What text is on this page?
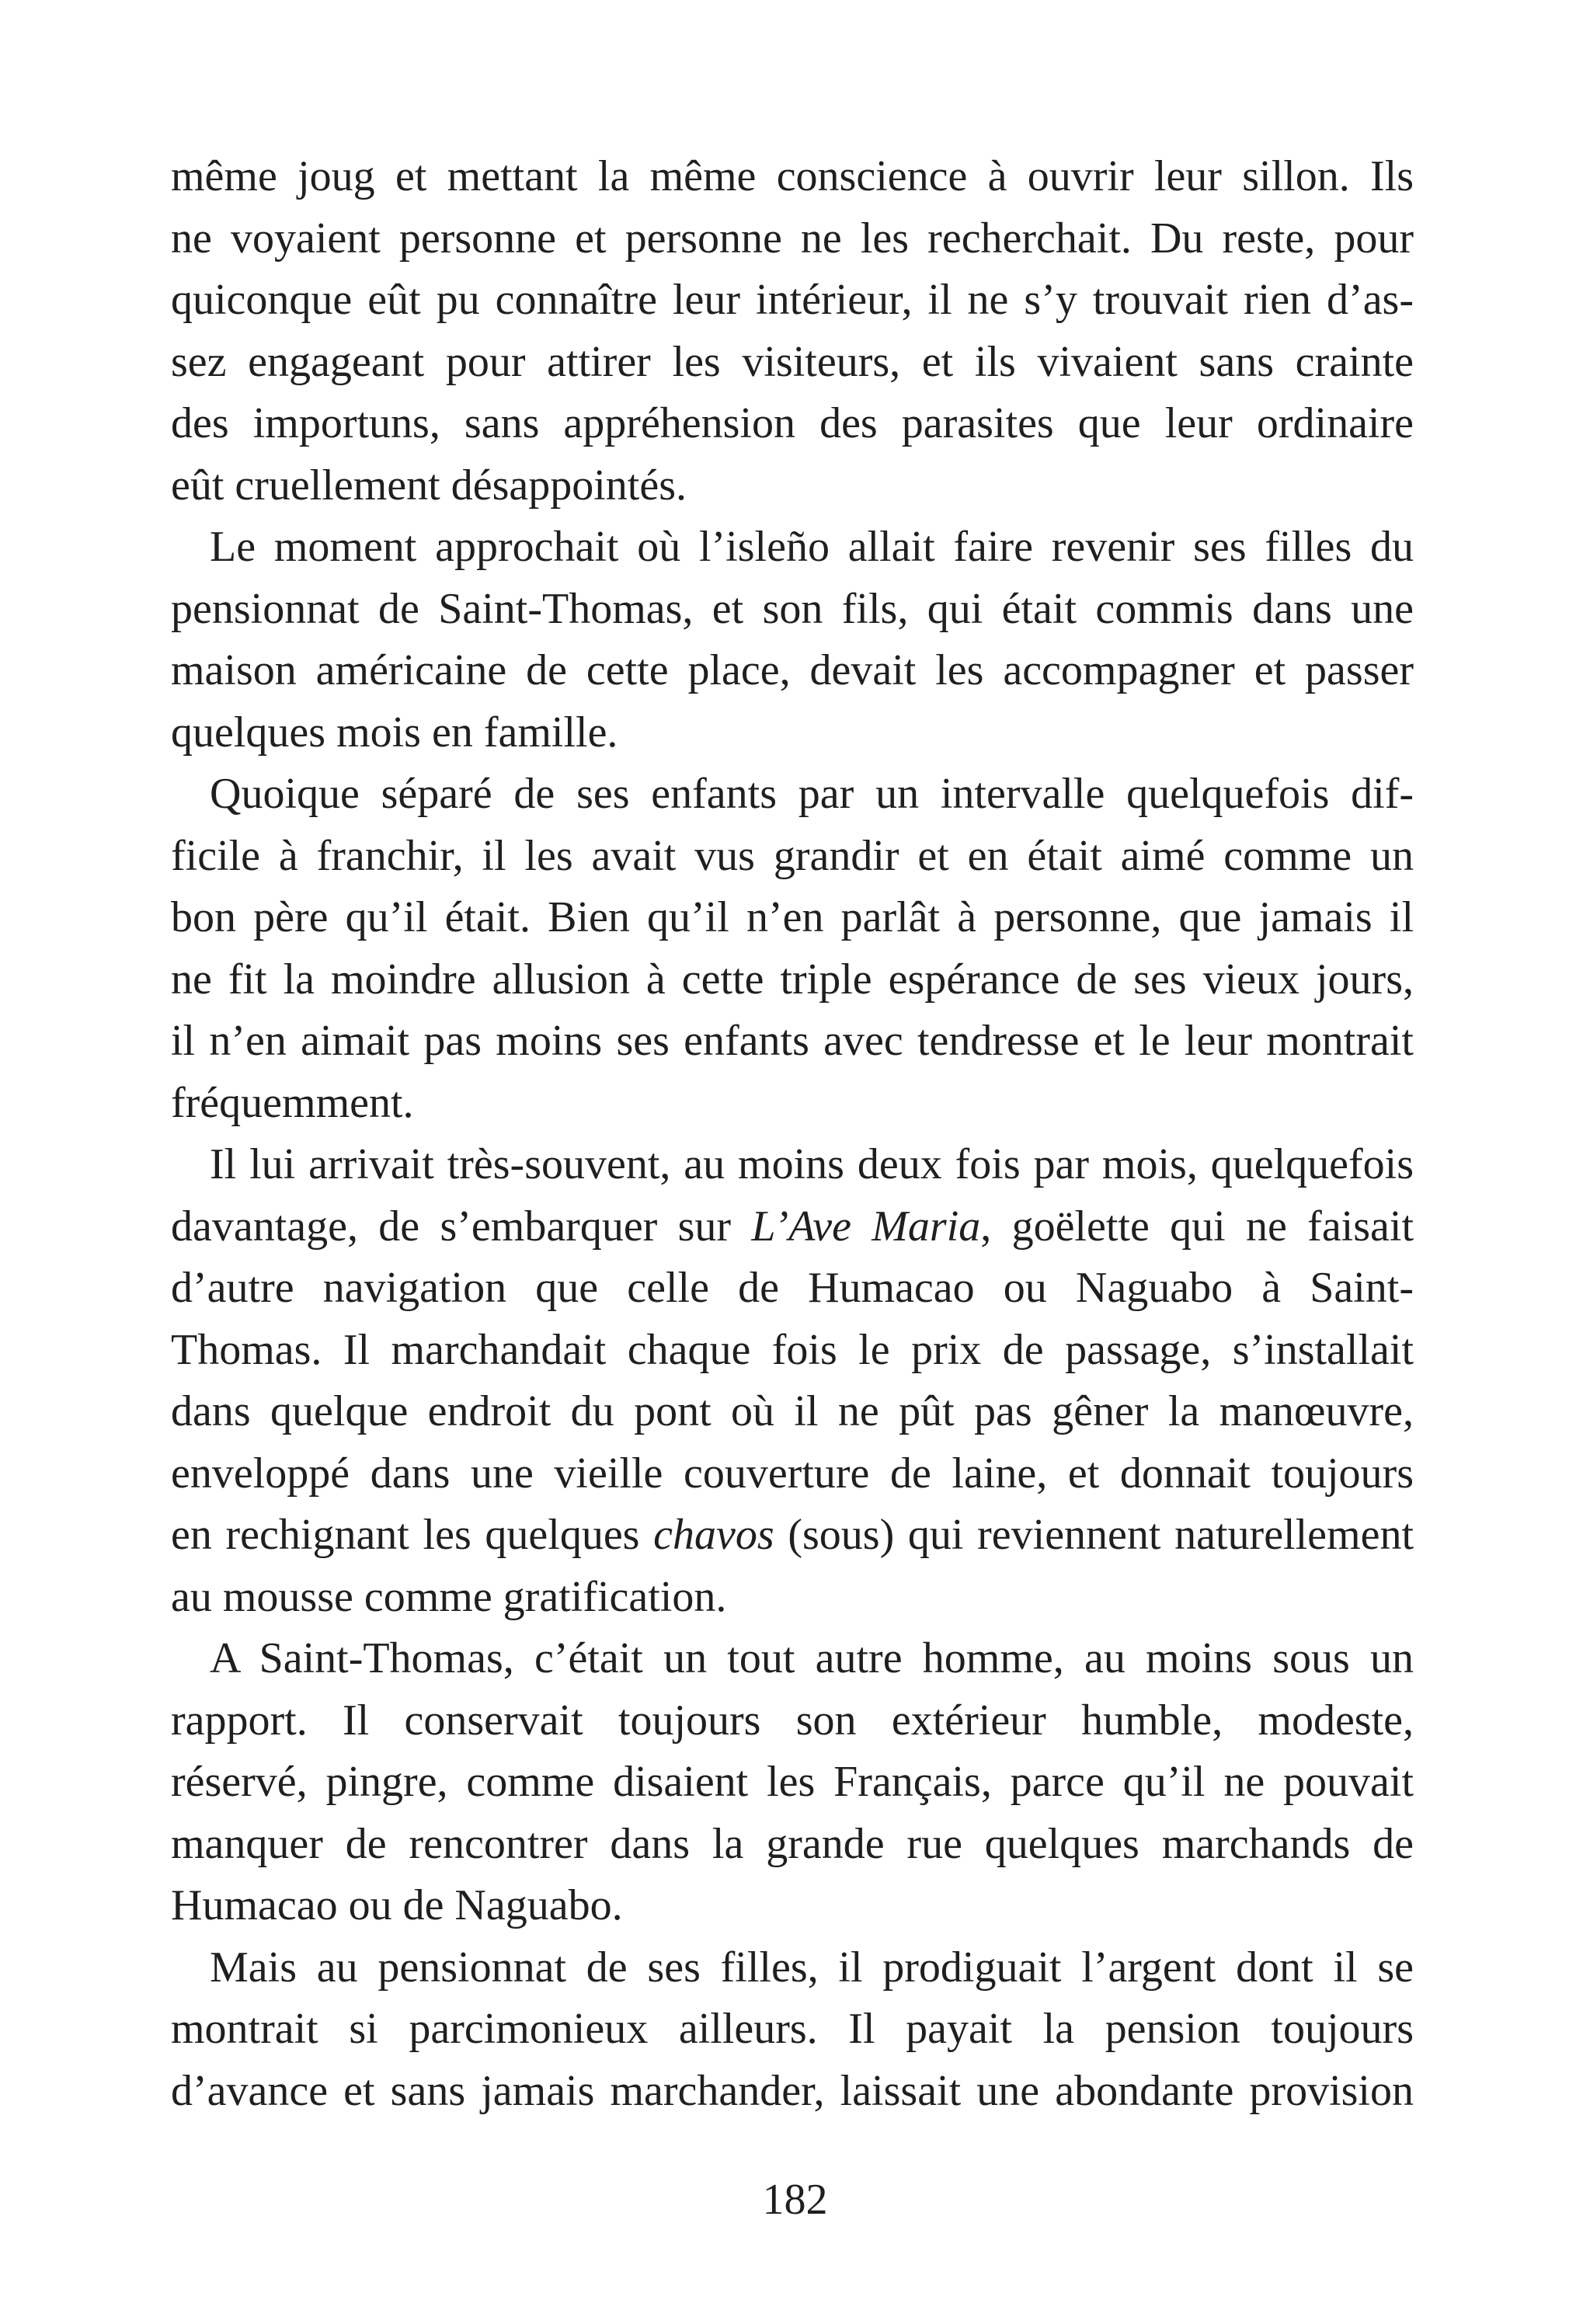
même joug et mettant la même conscience à ouvrir leur sillon. Ils
ne voyaient personne et personne ne les recherchait. Du reste, pour
quiconque eût pu connaître leur intérieur, il ne s’y trouvait rien d’as-
sez engageant pour attirer les visiteurs, et ils vivaient sans crainte
des importuns, sans appréhension des parasites que leur ordinaire
eût cruellement désappointés.
Le moment approchait où l’isleño allait faire revenir ses filles du
pensionnat de Saint-Thomas, et son fils, qui était commis dans une
maison américaine de cette place, devait les accompagner et passer
quelques mois en famille.
Quoique séparé de ses enfants par un intervalle quelquefois dif-
ficile à franchir, il les avait vus grandir et en était aimé comme un
bon père qu’il était. Bien qu’il n’en parlât à personne, que jamais il
ne fit la moindre allusion à cette triple espérance de ses vieux jours,
il n’en aimait pas moins ses enfants avec tendresse et le leur montrait
fréquemment.
Il lui arrivait très-souvent, au moins deux fois par mois, quelquefois
davantage, de s’embarquer sur L’Ave Maria, goëlette qui ne faisait
d’autre navigation que celle de Humacao ou Naguabo à Saint-
Thomas. Il marchandait chaque fois le prix de passage, s’installait
dans quelque endroit du pont où il ne pût pas gêner la manœuvre,
enveloppé dans une vieille couverture de laine, et donnait toujours
en rechignant les quelques chavos (sous) qui reviennent naturellement
au mousse comme gratification.
A Saint-Thomas, c’était un tout autre homme, au moins sous un
rapport. Il conservait toujours son extérieur humble, modeste,
réservé, pingre, comme disaient les Français, parce qu’il ne pouvait
manquer de rencontrer dans la grande rue quelques marchands de
Humacao ou de Naguabo.
Mais au pensionnat de ses filles, il prodiguait l’argent dont il se
montrait si parcimonieux ailleurs. Il payait la pension toujours
d’avance et sans jamais marchander, laissait une abondante provision
182
